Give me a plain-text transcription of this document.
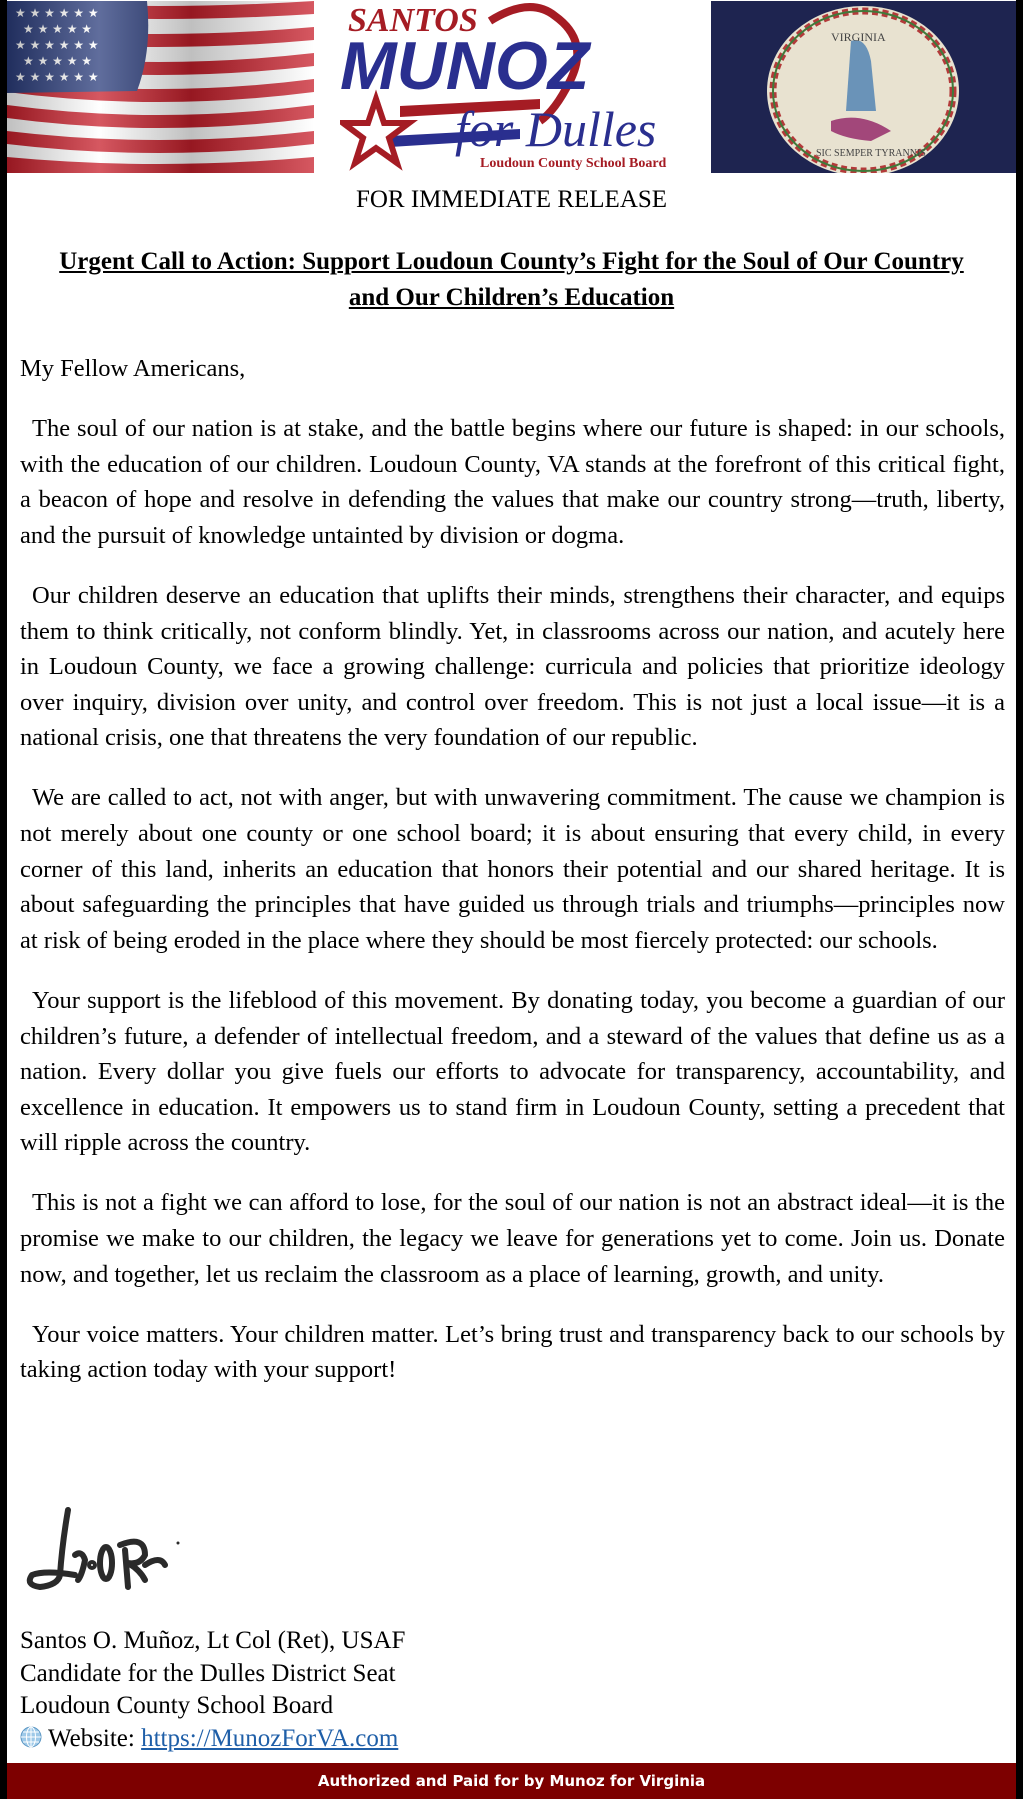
★ ★ ★ ★ ★ ★
★ ★ ★ ★ ★
★ ★ ★ ★ ★ ★
★ ★ ★ ★ ★
★ ★ ★ ★ ★ ★
SANTOS
MUNOZ
for Dulles
Loudoun County School Board
VIRGINIA
SIC SEMPER TYRANNIS
FOR IMMEDIATE RELEASE
Urgent Call to Action: Support Loudoun County’s Fight for the Soul of Our Country and Our Children’s Education

My Fellow Americans,

The soul of our nation is at stake, and the battle begins where our future is shaped: in our schools, with the education of our children. Loudoun County, VA stands at the forefront of this critical fight, a beacon of hope and resolve in defending the values that make our country strong—truth, liberty, and the pursuit of knowledge untainted by division or dogma.

Our children deserve an education that uplifts their minds, strengthens their character, and equips them to think critically, not conform blindly. Yet, in classrooms across our nation, and acutely here in Loudoun County, we face a growing challenge: curricula and policies that prioritize ideology over inquiry, division over unity, and control over freedom. This is not just a local issue—it is a national crisis, one that threatens the very foundation of our republic.

We are called to act, not with anger, but with unwavering commitment. The cause we champion is not merely about one county or one school board; it is about ensuring that every child, in every corner of this land, inherits an education that honors their potential and our shared heritage. It is about safeguarding the principles that have guided us through trials and triumphs—principles now at risk of being eroded in the place where they should be most fiercely protected: our schools.

Your support is the lifeblood of this movement. By donating today, you become a guardian of our children’s future, a defender of intellectual freedom, and a steward of the values that define us as a nation. Every dollar you give fuels our efforts to advocate for transparency, accountability, and excellence in education. It empowers us to stand firm in Loudoun County, setting a precedent that will ripple across the country.

This is not a fight we can afford to lose, for the soul of our nation is not an abstract ideal—it is the promise we make to our children, the legacy we leave for generations yet to come. Join us. Donate now, and together, let us reclaim the classroom as a place of learning, growth, and unity.

Your voice matters. Your children matter. Let’s bring trust and transparency back to our schools by taking action today with your support!

Santos O. Muñoz, Lt Col (Ret), USAF
Candidate for the Dulles District Seat
Loudoun County School Board
Website: https://MunozForVA.com
Authorized and Paid for by Munoz for Virginia
